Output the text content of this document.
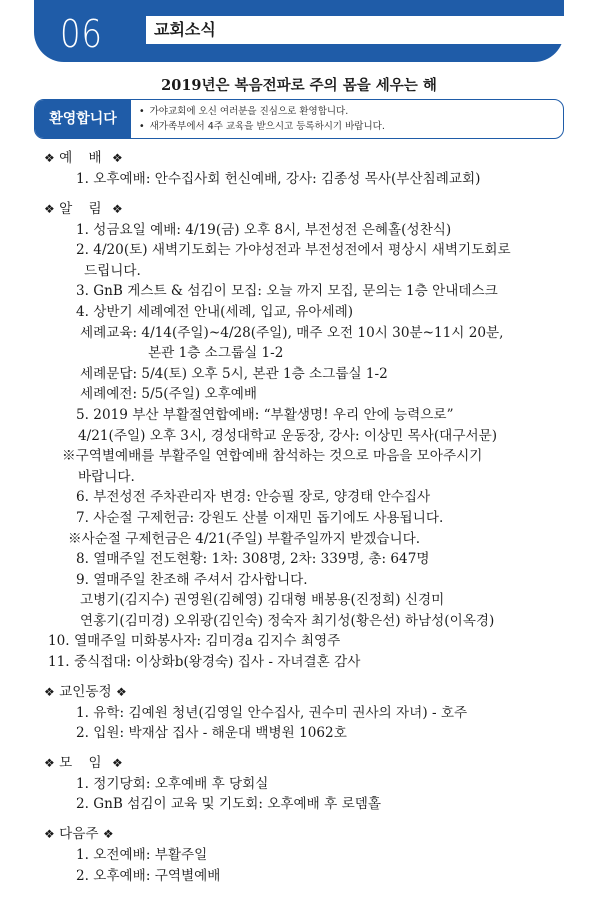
06	교회소식
2019년은 복음전파로 주의 몸을 세우는 해
환영합니다
•	가야교회에 오신 여러분을 진심으로 환영합니다.
• 새가족부에서 4주 교육을 받으시고 등록하시기 바랍니다.
❖ 예 배 ❖
1. 오후예배: 안수집사회 헌신예배, 강사: 김종성 목사(부산침례교회)
❖ 알 림 ❖
1. 성금요일 예배: 4/19(금) 오후 8시, 부전성전 은혜홀(성찬식)
2. 4/20(토) 새벽기도회는 가야성전과 부전성전에서 평상시 새벽기도회로
드립니다.
3. GnB 게스트 & 섬김이 모집: 오늘 까지 모집, 문의는 1층 안내데스크
4. 상반기 세례예전 안내(세례, 입교, 유아세례)
세례교육: 4/14(주일)~4/28(주일), 매주 오전 10시 30분~11시 20분,
본관 1층 소그룹실 1-2
세례문답: 5/4(토) 오후 5시, 본관 1층 소그룹실 1-2
세례예전: 5/5(주일) 오후예배
5. 2019 부산 부활절연합예배: “부활생명! 우리 안에 능력으로”
4/21(주일) 오후 3시, 경성대학교 운동장, 강사: 이상민 목사(대구서문)
※구역별예배를 부활주일 연합예배 참석하는 것으로 마음을 모아주시기
바랍니다.
6. 부전성전 주차관리자 변경: 안승필 장로, 양경태 안수집사
7. 사순절 구제헌금: 강원도 산불 이재민 돕기에도 사용됩니다.
※사순절 구제헌금은 4/21(주일) 부활주일까지 받겠습니다.
8. 열매주일 전도현황: 1차: 308명, 2차: 339명, 총: 647명
9. 열매주일 찬조해 주셔서 감사합니다.
고병기(김지수) 권영원(김혜영) 김대형 배봉용(진정희) 신경미
연홍기(김미경) 오위광(김인숙) 정숙자 최기성(황은선) 하남성(이옥경)
10. 열매주일 미화봉사자: 김미경a 김지수 최영주
11. 중식접대: 이상화b(왕경숙) 집사 - 자녀결혼 감사
❖ 교인동정 ❖
1. 유학: 김예원 청년(김영일 안수집사, 권수미 권사의 자녀) - 호주
2. 입원: 박재삼 집사 - 해운대 백병원 1062호
❖ 모 임 ❖
1. 정기당회: 오후예배 후 당회실
2. GnB 섬김이 교육 및 기도회: 오후예배 후 로뎀홀
❖ 다음주 ❖
1. 오전예배: 부활주일
2. 오후예배: 구역별예배
